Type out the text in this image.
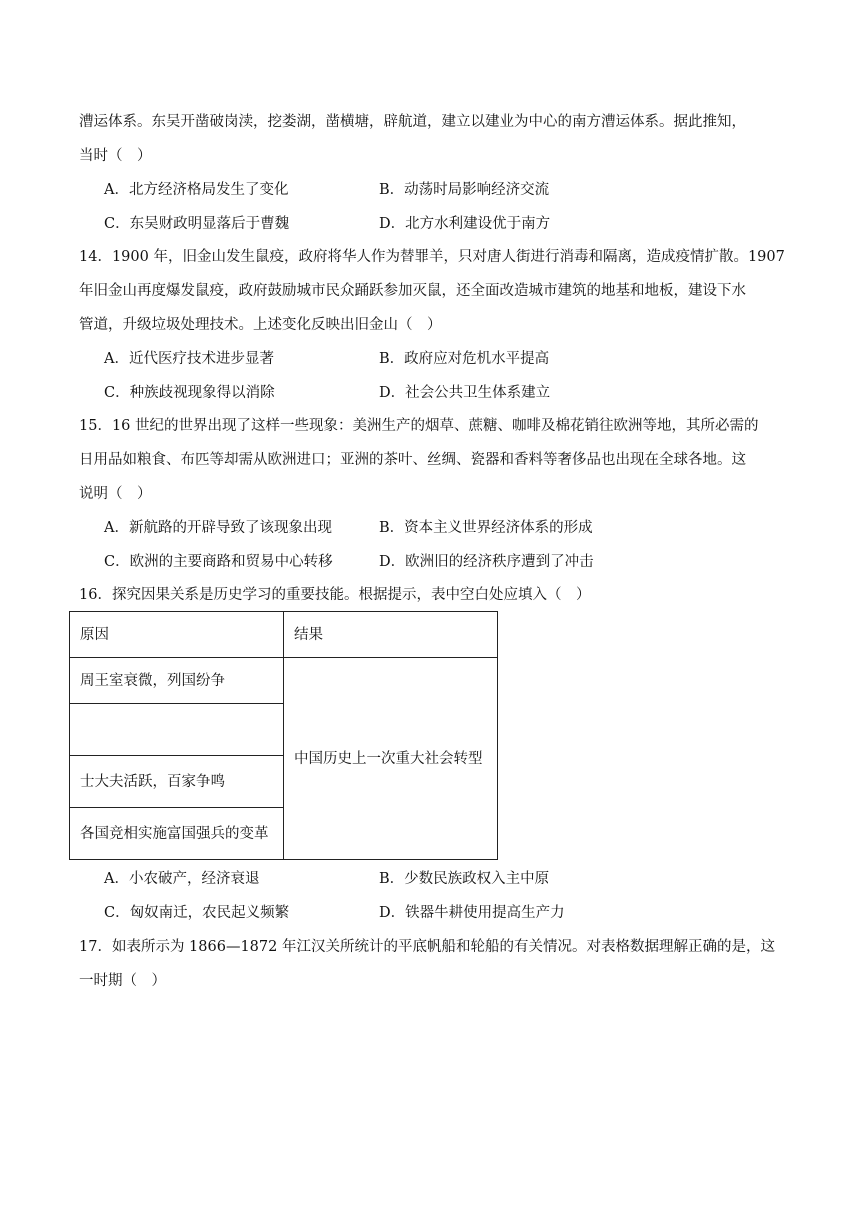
漕运体系。东吴开凿破岗渎，挖娄湖，凿横塘，辟航道，建立以建业为中心的南方漕运体系。据此推知，
当时（　）
A．北方经济格局发生了变化	B．动荡时局影响经济交流
C．东吴财政明显落后于曹魏	D．北方水利建设优于南方
14．1900 年，旧金山发生鼠疫，政府将华人作为替罪羊，只对唐人街进行消毒和隔离，造成疫情扩散。1907
年旧金山再度爆发鼠疫，政府鼓励城市民众踊跃参加灭鼠，还全面改造城市建筑的地基和地板，建设下水
管道，升级垃圾处理技术。上述变化反映出旧金山（　）
A．近代医疗技术进步显著	B．政府应对危机水平提高
C．种族歧视现象得以消除	D．社会公共卫生体系建立
15．16 世纪的世界出现了这样一些现象：美洲生产的烟草、蔗糖、咖啡及棉花销往欧洲等地，其所必需的
日用品如粮食、布匹等却需从欧洲进口；亚洲的茶叶、丝绸、瓷器和香料等奢侈品也出现在全球各地。这
说明（　）
A．新航路的开辟导致了该现象出现	B．资本主义世界经济体系的形成
C．欧洲的主要商路和贸易中心转移	D．欧洲旧的经济秩序遭到了冲击
16．探究因果关系是历史学习的重要技能。根据提示，表中空白处应填入（　）
原因	结果
周王室衰微，列国纷争	中国历史上一次重大社会转型

士大夫活跃，百家争鸣	
各国竞相实施富国强兵的变革	
A．小农破产，经济衰退	B．少数民族政权入主中原
C．匈奴南迁，农民起义频繁	D．铁器牛耕使用提高生产力
17．如表所示为 1866—1872 年江汉关所统计的平底帆船和轮船的有关情况。对表格数据理解正确的是，这
一时期（　）
